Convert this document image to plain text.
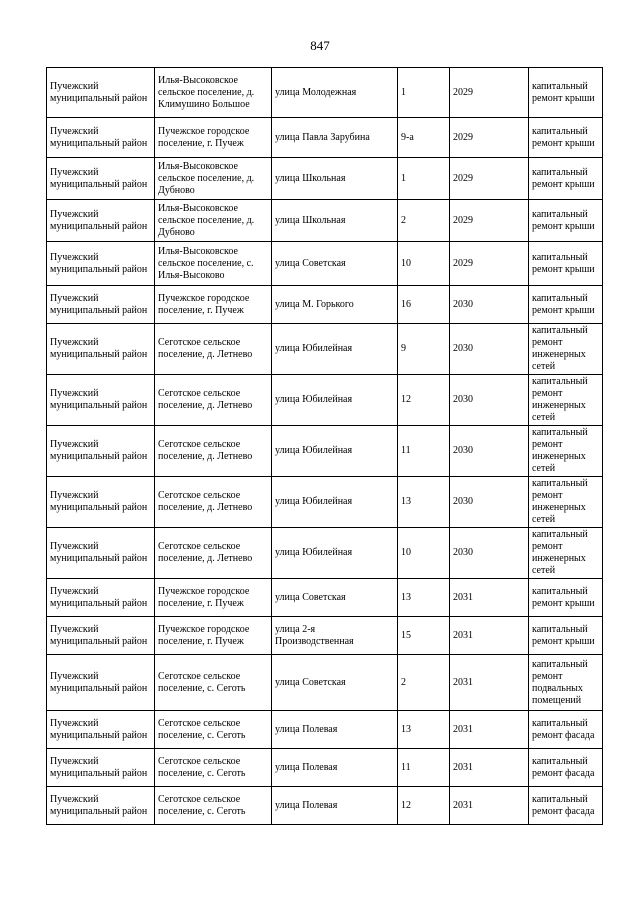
847
Пучежский муниципальный район	Илья-Высоковское сельское поселение, д. Климушино Большое	улица Молодежная	1	2029	капитальный ремонт крыши
Пучежский муниципальный район	Пучежское городское поселение, г. Пучеж	улица Павла Зарубина	9-а	2029	капитальный ремонт крыши
Пучежский муниципальный район	Илья-Высоковское сельское поселение, д. Дубново	улица Школьная	1	2029	капитальный ремонт крыши
Пучежский муниципальный район	Илья-Высоковское сельское поселение, д. Дубново	улица Школьная	2	2029	капитальный ремонт крыши
Пучежский муниципальный район	Илья-Высоковское сельское поселение, с. Илья-Высоково	улица Советская	10	2029	капитальный ремонт крыши
Пучежский муниципальный район	Пучежское городское поселение, г. Пучеж	улица М. Горького	16	2030	капитальный ремонт крыши
Пучежский муниципальный район	Сеготское сельское поселение, д. Летнево	улица Юбилейная	9	2030	капитальный ремонт инженерных сетей
Пучежский муниципальный район	Сеготское сельское поселение, д. Летнево	улица Юбилейная	12	2030	капитальный ремонт инженерных сетей
Пучежский муниципальный район	Сеготское сельское поселение, д. Летнево	улица Юбилейная	11	2030	капитальный ремонт инженерных сетей
Пучежский муниципальный район	Сеготское сельское поселение, д. Летнево	улица Юбилейная	13	2030	капитальный ремонт инженерных сетей
Пучежский муниципальный район	Сеготское сельское поселение, д. Летнево	улица Юбилейная	10	2030	капитальный ремонт инженерных сетей
Пучежский муниципальный район	Пучежское городское поселение, г. Пучеж	улица Советская	13	2031	капитальный ремонт крыши
Пучежский муниципальный район	Пучежское городское поселение, г. Пучеж	улица 2-я Производственная	15	2031	капитальный ремонт крыши
Пучежский муниципальный район	Сеготское сельское поселение, с. Сеготь	улица Советская	2	2031	капитальный ремонт подвальных помещений
Пучежский муниципальный район	Сеготское сельское поселение, с. Сеготь	улица Полевая	13	2031	капитальный ремонт фасада
Пучежский муниципальный район	Сеготское сельское поселение, с. Сеготь	улица Полевая	11	2031	капитальный ремонт фасада
Пучежский муниципальный район	Сеготское сельское поселение, с. Сеготь	улица Полевая	12	2031	капитальный ремонт фасада
